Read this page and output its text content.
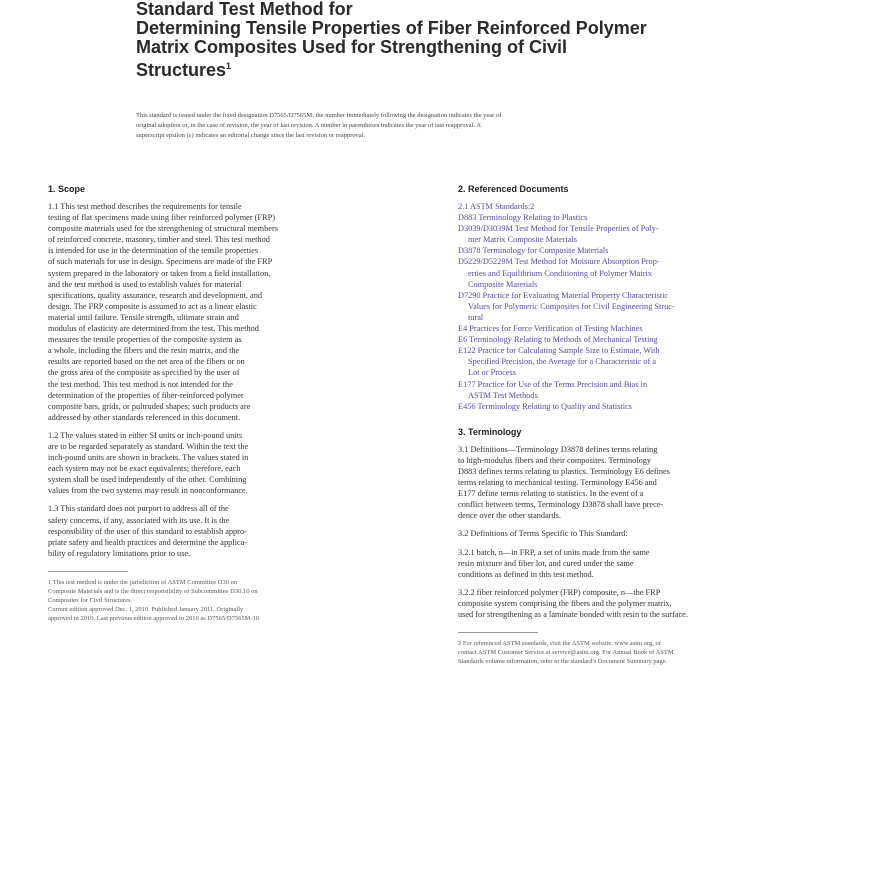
Standard Test Method for
Determining Tensile Properties of Fiber Reinforced Polymer
Matrix Composites Used for Strengthening of Civil
Structures$^1$
This standard is issued under the fixed designation D7565/D7565M; the number immediately following the designation indicates the year of
original adoption or, in the case of revision, the year of last revision. A number in parentheses indicates the year of last reapproval. A
superscript epsilon (ε) indicates an editorial change since the last revision or reapproval.
1. Scope
1.1 This test method describes the requirements for tensile
testing of flat specimens made using fiber reinforced polymer (FRP)
composite materials used for the strengthening of structural members
of reinforced concrete, masonry, timber and steel. This test method
is intended for use in the determination of the tensile properties
of such materials for use in design. Specimens are made of the FRP
system prepared in the laboratory or taken from a field installation,
and the test method is used to establish values for material
specifications, quality assurance, research and development, and
design. The FRP composite is assumed to act as a linear elastic
material until failure. Tensile strength, ultimate strain and
modulus of elasticity are determined from the test. This method
measures the tensile properties of the composite system as
a whole, including the fibers and the resin matrix, and the
results are reported based on the net area of the fibers or on
the gross area of the composite as specified by the user of
the test method. This test method is not intended for the
determination of the properties of fiber-reinforced polymer
composite bars, grids, or pultruded shapes; such products are
addressed by other standards referenced in this document.
1.2 The values stated in either SI units or inch-pound units
are to be regarded separately as standard. Within the text the
inch-pound units are shown in brackets. The values stated in
each system may not be exact equivalents; therefore, each
system shall be used independently of the other. Combining
values from the two systems may result in nonconformance.
1.3 This standard does not purport to address all of the
safety concerns, if any, associated with its use. It is the
responsibility of the user of this standard to establish appro-
priate safety and health practices and determine the applica-
bility of regulatory limitations prior to use.
1 This test method is under the jurisdiction of ASTM Committee D30 on
Composite Materials and is the direct responsibility of Subcommittee D30.10 on
Composites for Civil Structures.
Current edition approved Dec. 1, 2010. Published January 2011. Originally
approved in 2010. Last previous edition approved in 2010 as D7565/D7565M-10.
2. Referenced Documents
2.1 ASTM Standards:2
D883 Terminology Relating to Plastics
D3039/D3039M Test Method for Tensile Properties of Poly-
mer Matrix Composite Materials
D3878 Terminology for Composite Materials
D5229/D5229M Test Method for Moisture Absorption Prop-
erties and Equilibrium Conditioning of Polymer Matrix
Composite Materials
D7290 Practice for Evaluating Material Property Characteristic
Values for Polymeric Composites for Civil Engineering Struc-
tural
E4 Practices for Force Verification of Testing Machines
E6 Terminology Relating to Methods of Mechanical Testing
E122 Practice for Calculating Sample Size to Estimate, With
Specified Precision, the Average for a Characteristic of a
Lot or Process
E177 Practice for Use of the Terms Precision and Bias in
ASTM Test Methods
E456 Terminology Relating to Quality and Statistics
3. Terminology
3.1 Definitions—Terminology D3878 defines terms relating
to high-modulus fibers and their composites. Terminology
D883 defines terms relating to plastics. Terminology E6 defines
terms relating to mechanical testing. Terminology E456 and
E177 define terms relating to statistics. In the event of a
conflict between terms, Terminology D3878 shall have prece-
dence over the other standards.
3.2 Definitions of Terms Specific to This Standard:
3.2.1 batch, n—in FRP, a set of units made from the same
resin mixture and fiber lot, and cured under the same
conditions as defined in this test method.
3.2.2 fiber reinforced polymer (FRP) composite, n—the FRP
composite system comprising the fibers and the polymer matrix,
used for strengthening as a laminate bonded with resin to the surface.
2 For referenced ASTM standards, visit the ASTM website, www.astm.org, or
contact ASTM Customer Service at service@astm.org. For Annual Book of ASTM
Standards volume information, refer to the standard's Document Summary page.
